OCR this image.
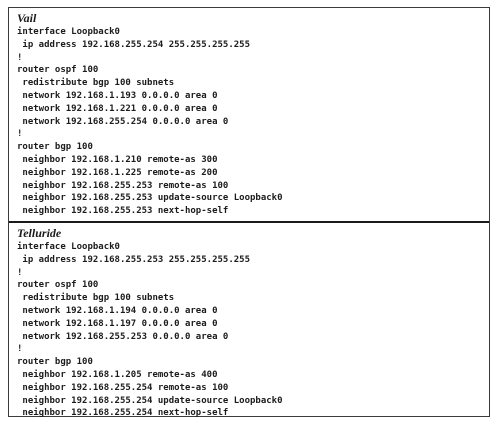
Vail
interface Loopback0
ip address 192.168.255.254 255.255.255.255
!
router ospf 100
redistribute bgp 100 subnets
network 192.168.1.193 0.0.0.0 area 0
network 192.168.1.221 0.0.0.0 area 0
network 192.168.255.254 0.0.0.0 area 0
!
router bgp 100
neighbor 192.168.1.210 remote-as 300
neighbor 192.168.1.225 remote-as 200
neighbor 192.168.255.253 remote-as 100
neighbor 192.168.255.253 update-source Loopback0
neighbor 192.168.255.253 next-hop-self
Telluride
interface Loopback0
ip address 192.168.255.253 255.255.255.255
!
router ospf 100
redistribute bgp 100 subnets
network 192.168.1.194 0.0.0.0 area 0
network 192.168.1.197 0.0.0.0 area 0
network 192.168.255.253 0.0.0.0 area 0
!
router bgp 100
neighbor 192.168.1.205 remote-as 400
neighbor 192.168.255.254 remote-as 100
neighbor 192.168.255.254 update-source Loopback0
neighbor 192.168.255.254 next-hop-self
